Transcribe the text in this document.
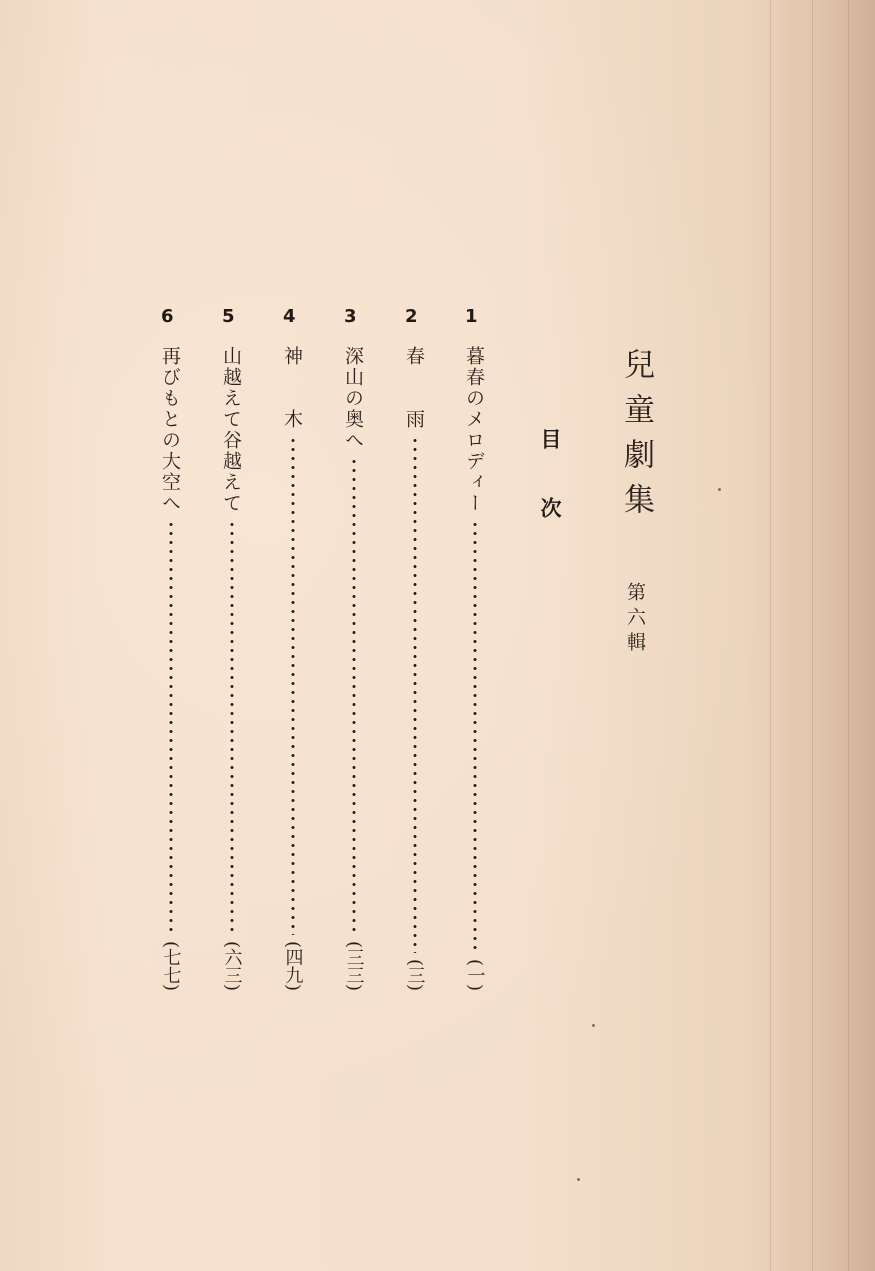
兒童劇集
第六輯
目次
1
暮春のメロディー
(一)
2
春　　雨
(三)
3
深山の奥へ
(三三)
4
神　　木
(四九)
5
山越えて谷越えて
(六三)
6
再びもとの大空へ
(七七)
